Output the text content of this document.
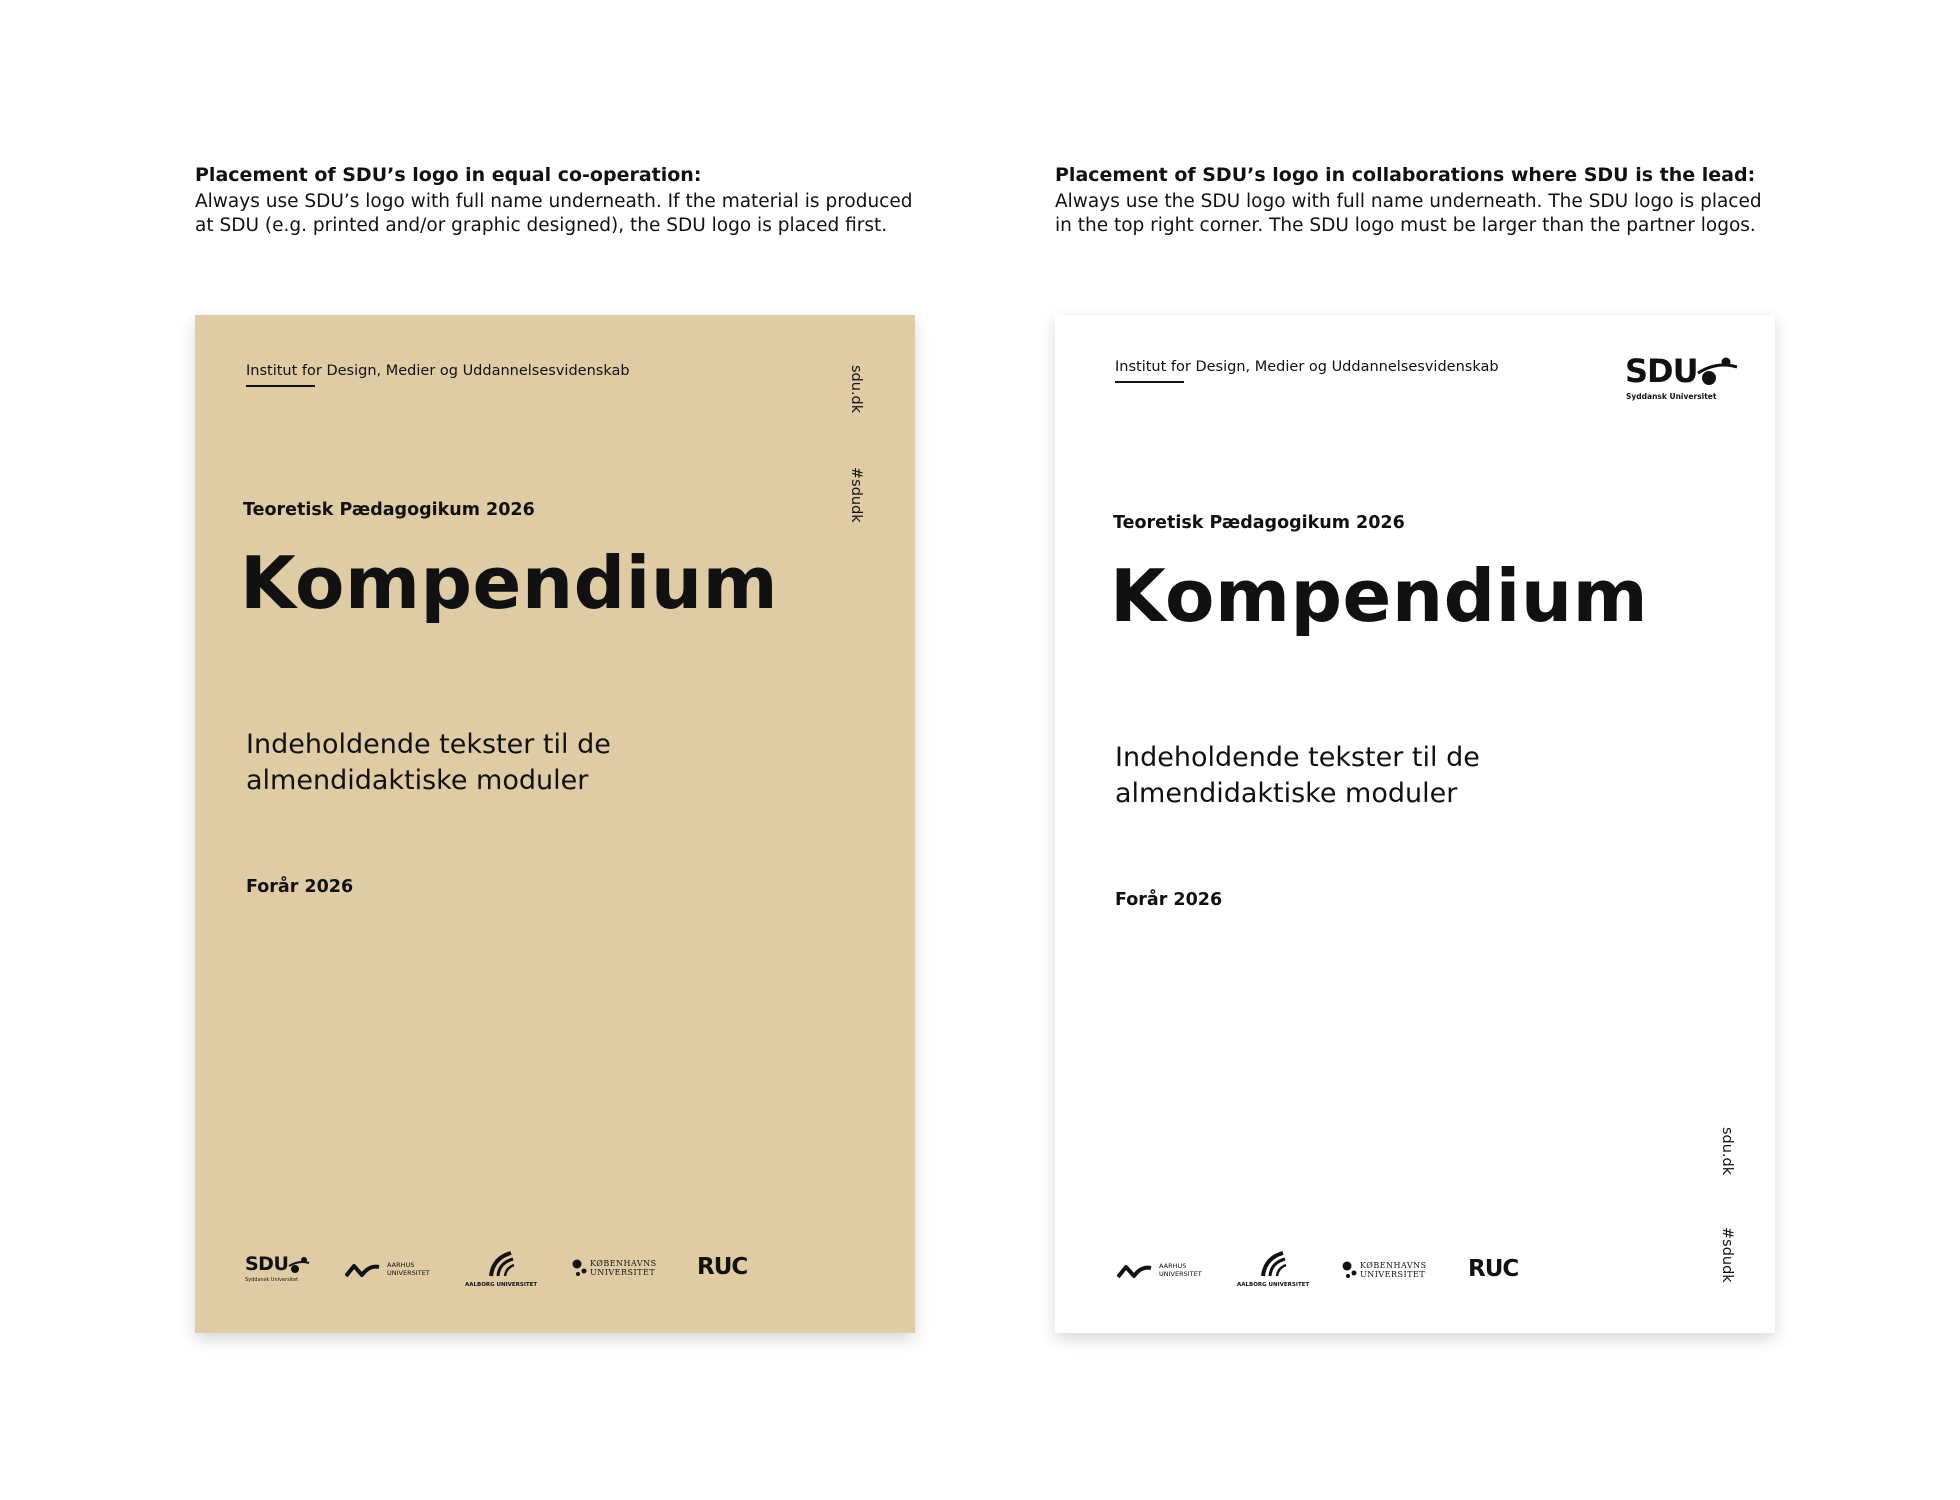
Placement of SDU’s logo in equal co-operation:

Always use SDU’s logo with full name underneath. If the material is produced
at SDU (e.g. printed and/or graphic designed), the SDU logo is placed first.

Placement of SDU’s logo in collaborations where SDU is the lead:

Always use the SDU logo with full name underneath. The SDU logo is placed
in the top right corner. The SDU logo must be larger than the partner logos.

Institut for Design, Medier og Uddannelsesvidenskab	sdu.dk
#sdudk
Teoretisk Pædagogikum 2026
Kompendium
Indeholdende tekster til de
almendidaktiske moduler
Forår 2026
SDU
Syddansk Universitet
AARHUS
UNIVERSITET
AALBORG UNIVERSITET
KØBENHAVNS
UNIVERSITET RUC
Institut for Design, Medier og Uddannelsesvidenskab	SDU
Syddansk Universitet
Teoretisk Pædagogikum 2026
Kompendium
Indeholdende tekster til de
almendidaktiske moduler
Forår 2026
sdu.dk
#sdudk
AARHUS
UNIVERSITET
AALBORG UNIVERSITET
KØBENHAVNS
UNIVERSITET RUC
